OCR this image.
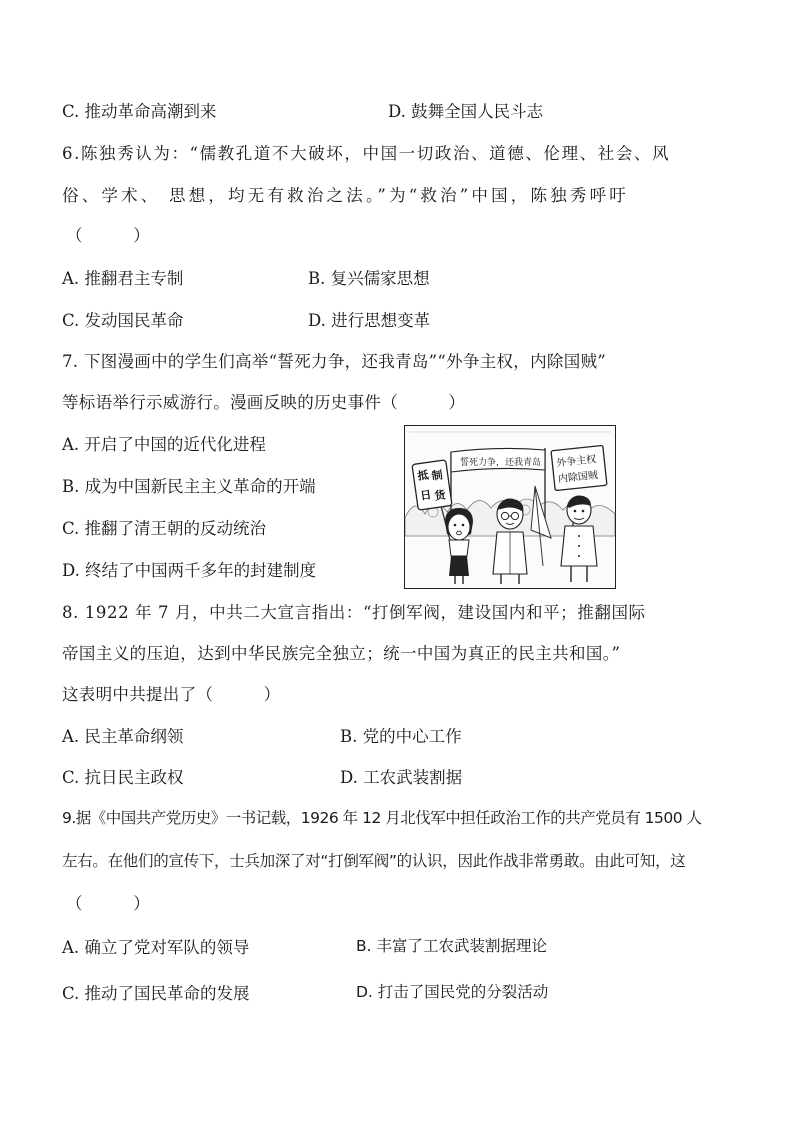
C. 推动革命高潮到来	D. 鼓舞全国人民斗志
6.陈独秀认为：“儒教孔道不大破坏，中国一切政治、道德、伦理、社会、风
俗、学术、 思想，均无有救治之法。”为“救治”中国，陈独秀呼吁
（　　　）
A. 推翻君主专制	B. 复兴儒家思想
C. 发动国民革命	D. 进行思想变革
7. 下图漫画中的学生们高举“誓死力争，还我青岛”“外争主权，内除国贼”
等标语举行示威游行。漫画反映的历史事件（　　　）
A. 开启了中国的近代化进程
B. 成为中国新民主主义革命的开端
C. 推翻了清王朝的反动统治
D. 终结了中国两千多年的封建制度
誓死力争，还我青岛
抵 制
日 货
外争主权
内除国贼
8. 1922 年 7 月，中共二大宣言指出：“打倒军阀，建设国内和平；推翻国际
帝国主义的压迫，达到中华民族完全独立；统一中国为真正的民主共和国。”
这表明中共提出了（　　　）
A. 民主革命纲领	B. 党的中心工作
C. 抗日民主政权	D. 工农武装割据
9.据《中国共产党历史》一书记载，1926 年 12 月北伐军中担任政治工作的共产党员有 1500 人
左右。在他们的宣传下，士兵加深了对“打倒军阀”的认识，因此作战非常勇敢。由此可知，这
（　　　）
A. 确立了党对军队的领导	B. 丰富了工农武装割据理论
C. 推动了国民革命的发展	D. 打击了国民党的分裂活动
